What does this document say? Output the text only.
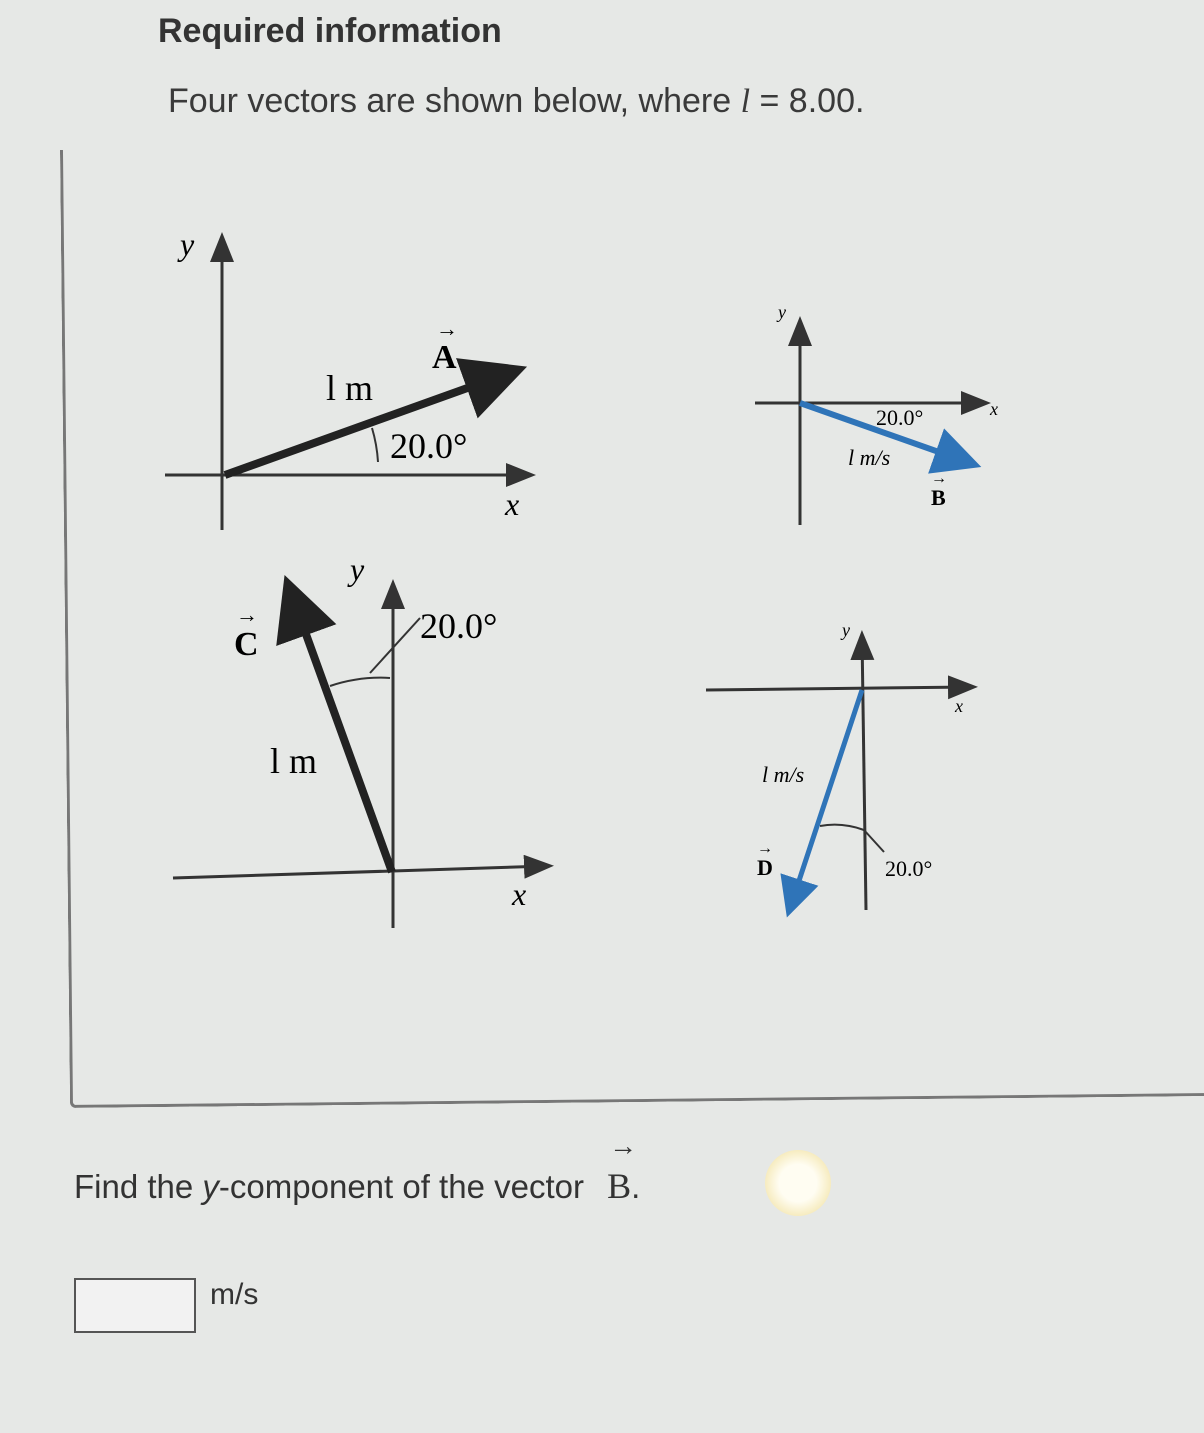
Required information
Four vectors are shown below, where l = 8.00.
y
x
l m
20.0°
A
→
y
x
20.0°
l m/s
B
→
y
x
20.0°
l m
C
→
y
x
l m/s
20.0°
D
→
Find the y-component of the vector
→
B.
m/s
